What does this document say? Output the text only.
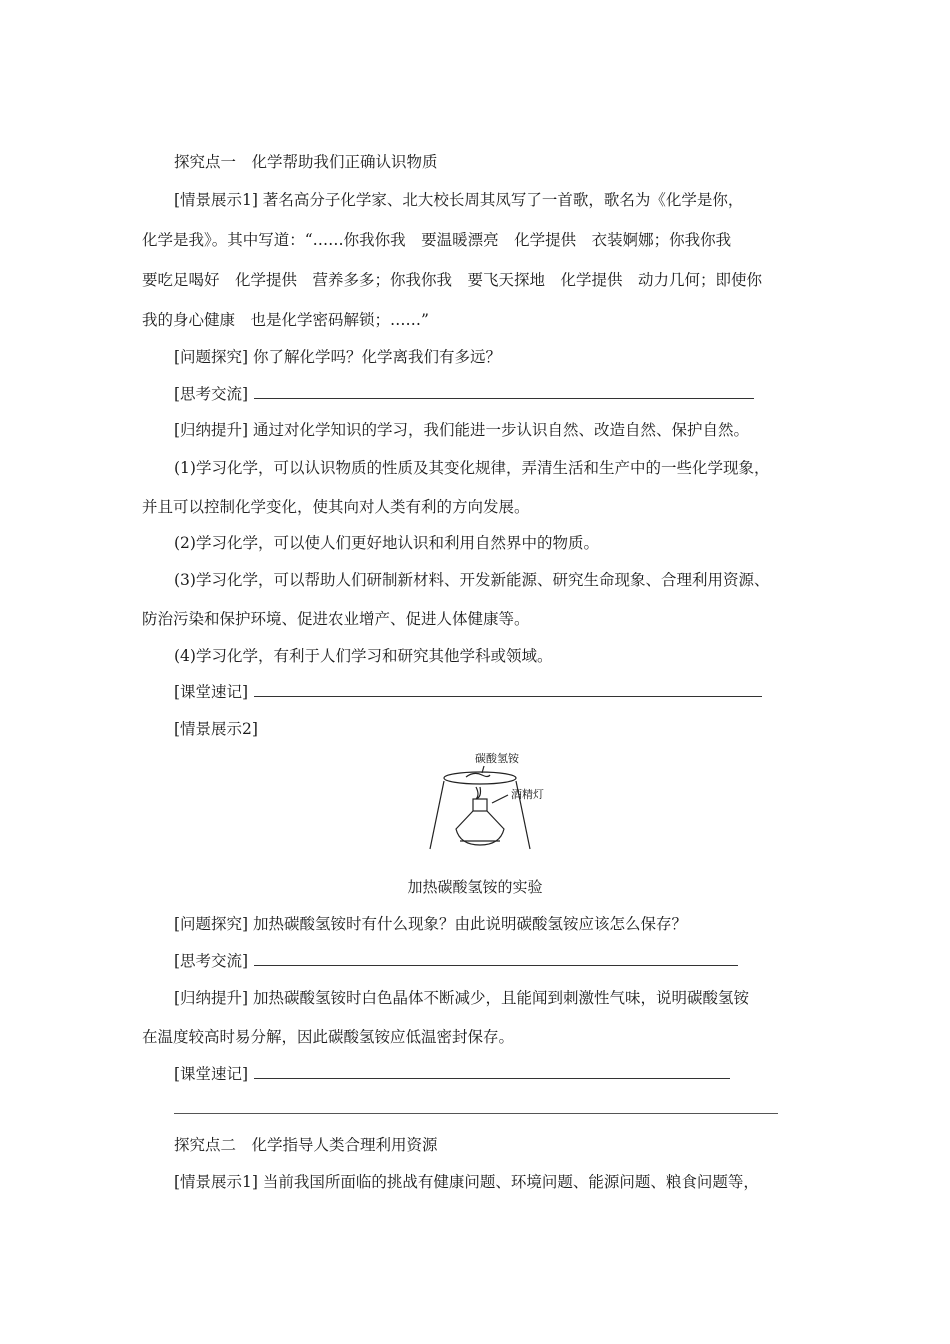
探究点一　化学帮助我们正确认识物质
[情景展示1] 著名高分子化学家、北大校长周其凤写了一首歌，歌名为《化学是你，
化学是我》。其中写道：“……你我你我　要温暖漂亮　化学提供　衣装婀娜；你我你我
要吃足喝好　化学提供　营养多多；你我你我　要飞天探地　化学提供　动力几何；即使你
我的身心健康　也是化学密码解锁；……”
[问题探究] 你了解化学吗？化学离我们有多远？
[思考交流]
[归纳提升] 通过对化学知识的学习，我们能进一步认识自然、改造自然、保护自然。
(1)学习化学，可以认识物质的性质及其变化规律，弄清生活和生产中的一些化学现象，
并且可以控制化学变化，使其向对人类有利的方向发展。
(2)学习化学，可以使人们更好地认识和利用自然界中的物质。
(3)学习化学，可以帮助人们研制新材料、开发新能源、研究生命现象、合理利用资源、
防治污染和保护环境、促进农业增产、促进人体健康等。
(4)学习化学，有利于人们学习和研究其他学科或领域。
[课堂速记]
[情景展示2]
碳酸氢铵
酒精灯
加热碳酸氢铵的实验
[问题探究] 加热碳酸氢铵时有什么现象？由此说明碳酸氢铵应该怎么保存？
[思考交流]
[归纳提升] 加热碳酸氢铵时白色晶体不断减少，且能闻到刺激性气味，说明碳酸氢铵
在温度较高时易分解，因此碳酸氢铵应低温密封保存。
[课堂速记]
探究点二　化学指导人类合理利用资源
[情景展示1] 当前我国所面临的挑战有健康问题、环境问题、能源问题、粮食问题等，
